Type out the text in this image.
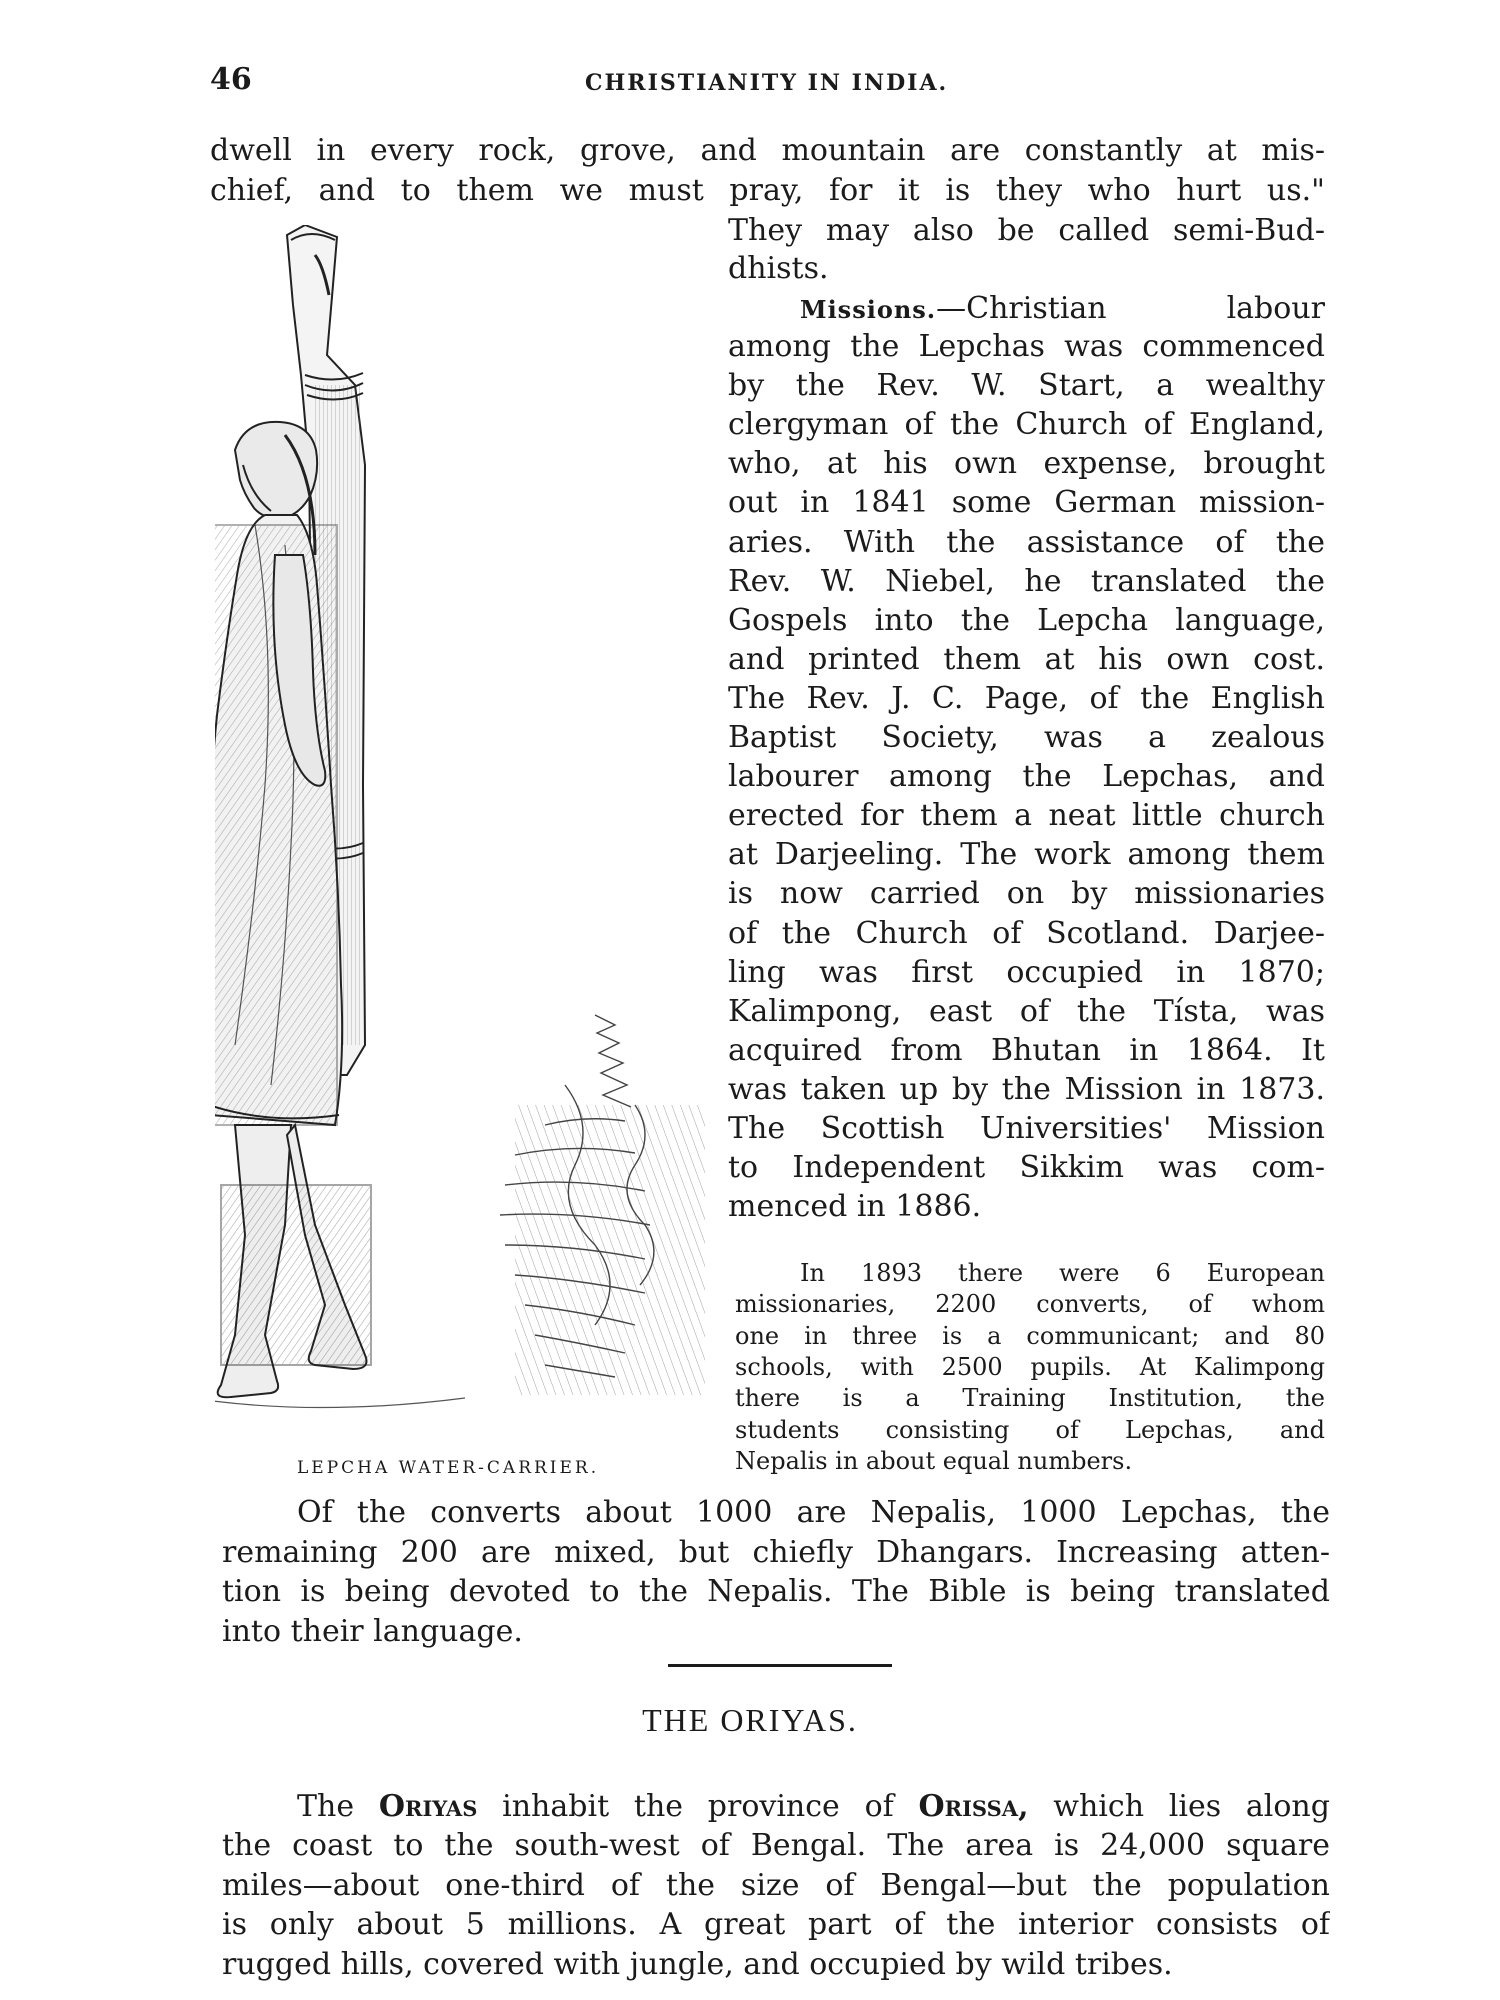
46	CHRISTIANITY IN INDIA.
dwell in every rock, grove, and mountain are constantly at mis-
chief, and to them we must pray, for it is they who hurt us."
They may also be called semi-Bud-
dhists.
Missions.—Christian labour
among the Lepchas was commenced
by the Rev. W. Start, a wealthy
clergyman of the Church of England,
who, at his own expense, brought
out in 1841 some German mission-
aries. With the assistance of the
Rev. W. Niebel, he translated the
Gospels into the Lepcha language,
and printed them at his own cost.
The Rev. J. C. Page, of the English
Baptist Society, was a zealous
labourer among the Lepchas, and
erected for them a neat little church
at Darjeeling. The work among them
is now carried on by missionaries
of the Church of Scotland. Darjee-
ling was first occupied in 1870;
Kalimpong, east of the Tísta, was
acquired from Bhutan in 1864. It
was taken up by the Mission in 1873.
The Scottish Universities' Mission
to Independent Sikkim was com-
menced in 1886.
In 1893 there were 6 European
missionaries, 2200 converts, of whom
one in three is a communicant; and 80
schools, with 2500 pupils. At Kalimpong
there is a Training Institution, the
students consisting of Lepchas, and
Nepalis in about equal numbers.
LEPCHA WATER-CARRIER.
Of the converts about 1000 are Nepalis, 1000 Lepchas, the
remaining 200 are mixed, but chiefly Dhangars. Increasing atten-
tion is being devoted to the Nepalis. The Bible is being translated
into their language.
THE ORIYAS.
The Oriyas inhabit the province of Orissa, which lies along
the coast to the south-west of Bengal. The area is 24,000 square
miles—about one-third of the size of Bengal—but the population
is only about 5 millions. A great part of the interior consists of
rugged hills, covered with jungle, and occupied by wild tribes.
